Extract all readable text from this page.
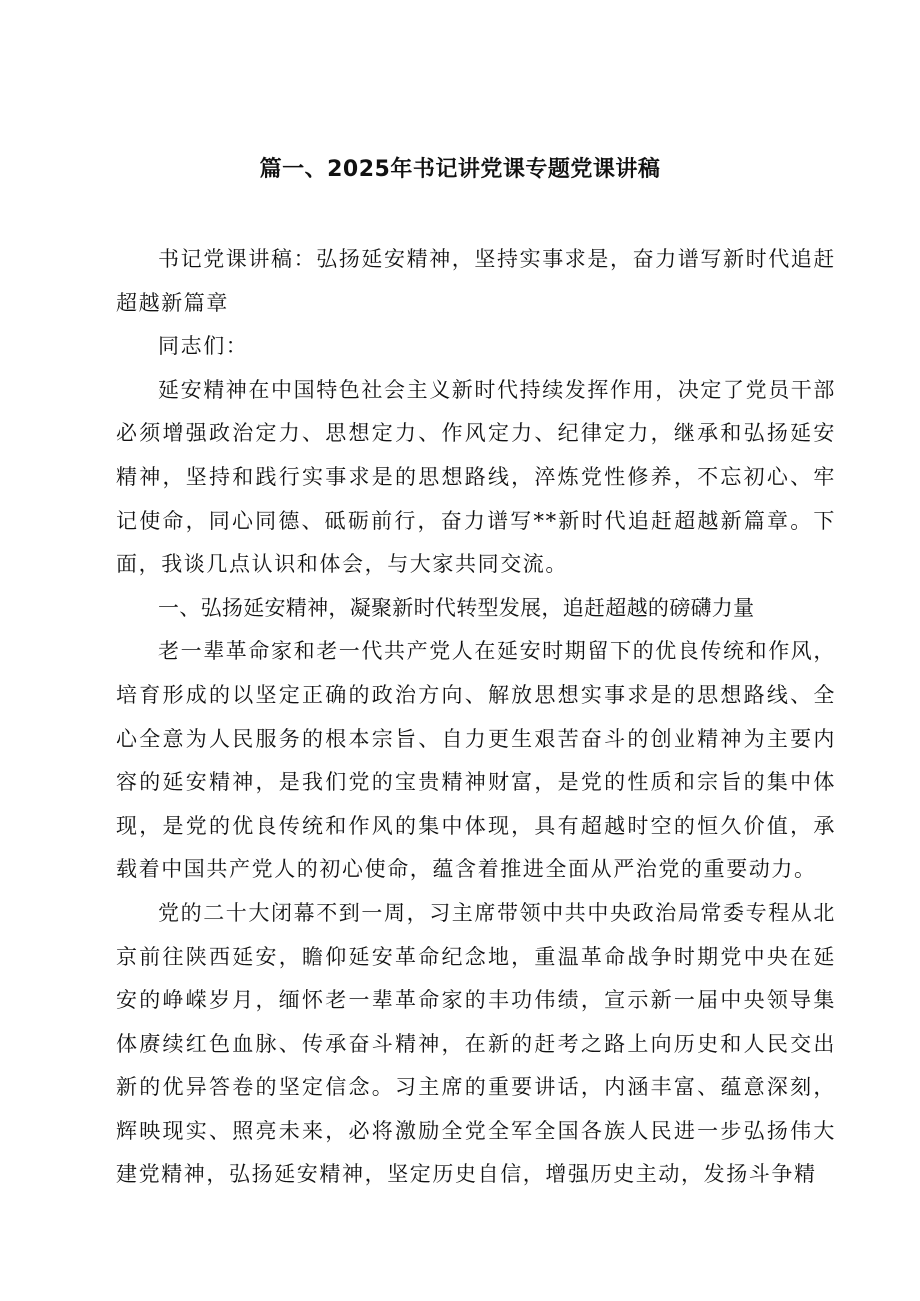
篇一、2025年书记讲党课专题党课讲稿

书记党课讲稿：弘扬延安精神，坚持实事求是，奋力谱写新时代追赶超越新篇章

同志们：

延安精神在中国特色社会主义新时代持续发挥作用，决定了党员干部必须增强政治定力、思想定力、作风定力、纪律定力，继承和弘扬延安精神，坚持和践行实事求是的思想路线，淬炼党性修养，不忘初心、牢记使命，同心同德、砥砺前行，奋力谱写**新时代追赶超越新篇章。下面，我谈几点认识和体会，与大家共同交流。

一、弘扬延安精神，凝聚新时代转型发展，追赶超越的磅礴力量

老一辈革命家和老一代共产党人在延安时期留下的优良传统和作风，培育形成的以坚定正确的政治方向、解放思想实事求是的思想路线、全心全意为人民服务的根本宗旨、自力更生艰苦奋斗的创业精神为主要内容的延安精神，是我们党的宝贵精神财富，是党的性质和宗旨的集中体现，是党的优良传统和作风的集中体现，具有超越时空的恒久价值，承载着中国共产党人的初心使命，蕴含着推进全面从严治党的重要动力。

党的二十大闭幕不到一周，习主席带领中共中央政治局常委专程从北京前往陕西延安，瞻仰延安革命纪念地，重温革命战争时期党中央在延安的峥嵘岁月，缅怀老一辈革命家的丰功伟绩，宣示新一届中央领导集体赓续红色血脉、传承奋斗精神，在新的赶考之路上向历史和人民交出新的优异答卷的坚定信念。习主席的重要讲话，内涵丰富、蕴意深刻，辉映现实、照亮未来，必将激励全党全军全国各族人民进一步弘扬伟大建党精神，弘扬延安精神，坚定历史自信，增强历史主动，发扬斗争精
